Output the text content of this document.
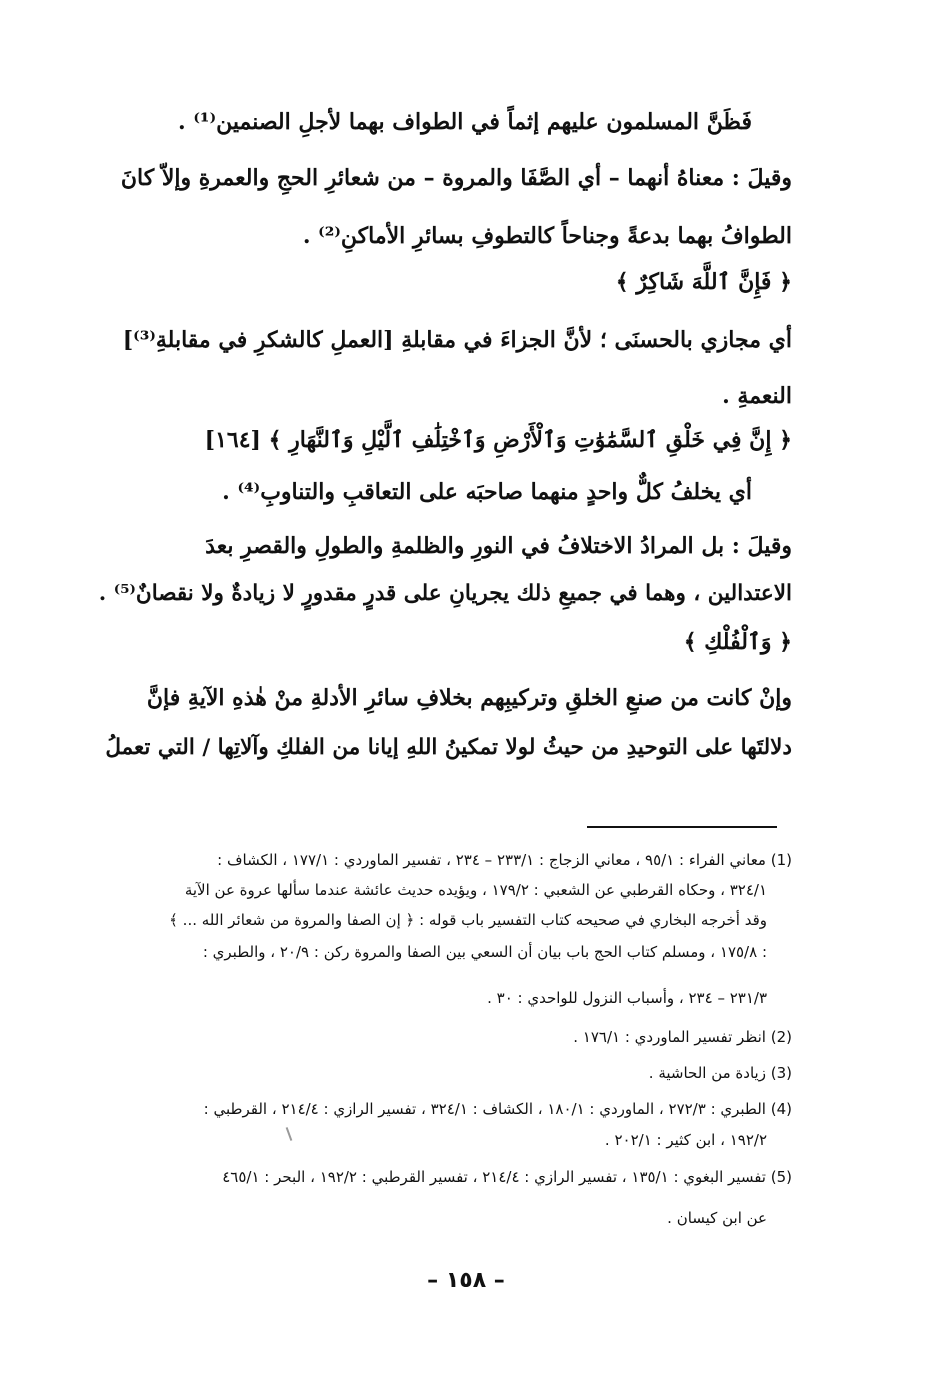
فَظَنَّ المسلمون عليهم إثماً في الطواف بهما لأجلِ الصنمين⁽¹⁾ .
وقيلَ : معناهُ أنهما – أي الصَّفَا والمروة – من شعائرِ الحجِ والعمرةِ وإلاّ كانَ
الطوافُ بهما بدعةً وجناحاً كالتطوفِ بسائرِ الأماكنِ⁽²⁾ .
﴿ فَإِنَّ ٱللَّهَ شَاكِرٌ ﴾
أي مجازي بالحسنَى ؛ لأنَّ الجزاءَ في مقابلةِ [العملِ كالشكرِ في مقابلةِ⁽³⁾]
النعمةِ .
﴿ إِنَّ فِي خَلْقِ ٱلسَّمَٰوَٰتِ وَٱلْأَرْضِ وَٱخْتِلَٰفِ ٱلَّيْلِ وَٱلنَّهَارِ ﴾ [١٦٤]
أي يخلفُ كلٌّ واحدٍ منهما صاحبَه على التعاقبِ والتناوبِ⁽⁴⁾ .
وقيلَ : بل المرادُ الاختلافُ في النورِ والظلمةِ والطولِ والقصرِ بعدَ
الاعتدالين ، وهما في جميعِ ذلك يجريانِ على قدرٍ مقدورٍ لا زيادةٌ ولا نقصانٌ⁽⁵⁾ .
﴿ وَٱلْفُلْكِ ﴾
وإنْ كانت من صنعِ الخلقِ وتركيبِهم بخلافِ سائرِ الأدلةِ منْ هٰذهِ الآيةِ فإنَّ
دلالتَها على التوحيدِ من حيثُ لولا تمكينُ اللهِ إيانا من الفلكِ وآلاتِها / التي تعملُ
(1) معاني الفراء : ٩٥/١ ، معاني الزجاج : ٢٣٣/١ – ٢٣٤ ، تفسير الماوردي : ١٧٧/١ ، الكشاف :
٣٢٤/١ ، وحكاه القرطبي عن الشعبي : ١٧٩/٢ ، ويؤيده حديث عائشة عندما سألها عروة عن الآية
وقد أخرجه البخاري في صحيحه كتاب التفسير باب قوله : ﴿ إن الصفا والمروة من شعائر الله ... ﴾
: ١٧٥/٨ ، ومسلم كتاب الحج باب بيان أن السعي بين الصفا والمروة ركن : ٢٠/٩ ، والطبري :
٢٣١/٣ – ٢٣٤ ، وأسباب النزول للواحدي : ٣٠ .
(2) انظر تفسير الماوردي : ١٧٦/١ .
(3) زيادة من الحاشية .
(4) الطبري : ٢٧٢/٣ ، الماوردي : ١٨٠/١ ، الكشاف : ٣٢٤/١ ، تفسير الرازي : ٢١٤/٤ ، القرطبي :
١٩٢/٢ ، ابن كثير : ٢٠٢/١ .
(5) تفسير البغوي : ١٣٥/١ ، تفسير الرازي : ٢١٤/٤ ، تفسير القرطبي : ١٩٢/٢ ، البحر : ٤٦٥/١
عن ابن كيسان .
– ١٥٨ –
